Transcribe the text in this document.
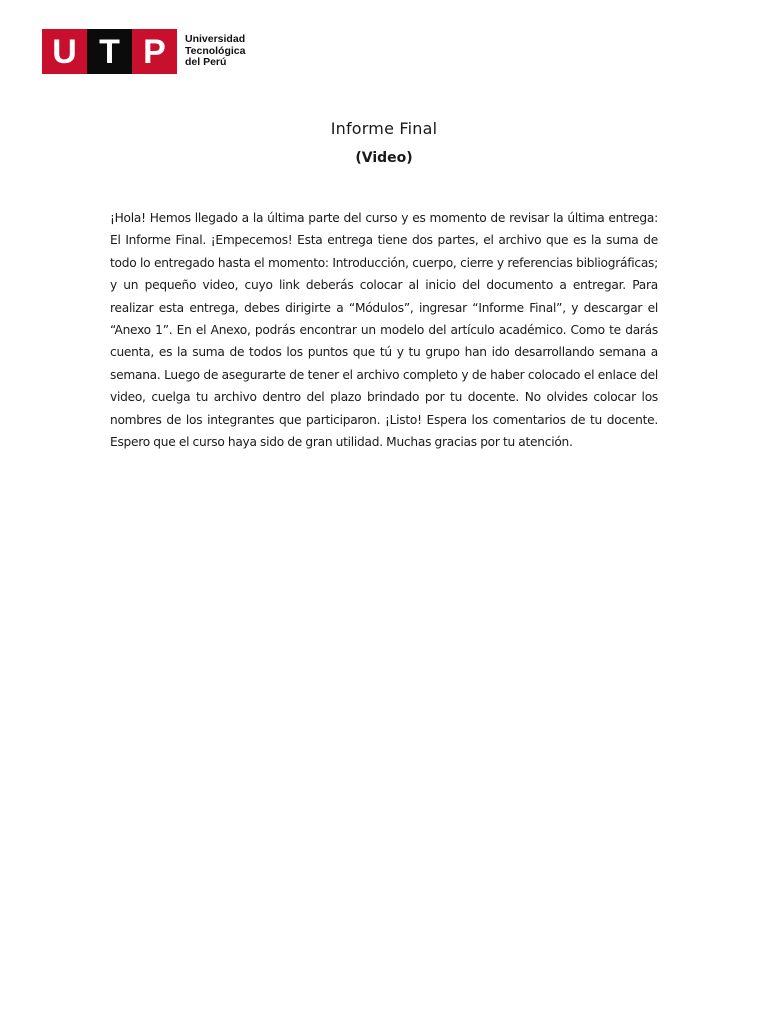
U T P	Universidad
Tecnológica
del Perú
Informe Final
(Video)

¡Hola! Hemos llegado a la última parte del curso y es momento de revisar la última entrega: El Informe Final. ¡Empecemos! Esta entrega tiene dos partes, el archivo que es la suma de todo lo entregado hasta el momento: Introducción, cuerpo, cierre y referencias bibliográficas; y un pequeño video, cuyo link deberás colocar al inicio del documento a entregar. Para realizar esta entrega, debes dirigirte a “Módulos”, ingresar “Informe Final”, y descargar el “Anexo 1”. En el Anexo, podrás encontrar un modelo del artículo académico. Como te darás cuenta, es la suma de todos los puntos que tú y tu grupo han ido desarrollando semana a semana. Luego de asegurarte de tener el archivo completo y de haber colocado el enlace del video, cuelga tu archivo dentro del plazo brindado por tu docente. No olvides colocar los nombres de los integrantes que participaron. ¡Listo! Espera los comentarios de tu docente. Espero que el curso haya sido de gran utilidad. Muchas gracias por tu atención.
